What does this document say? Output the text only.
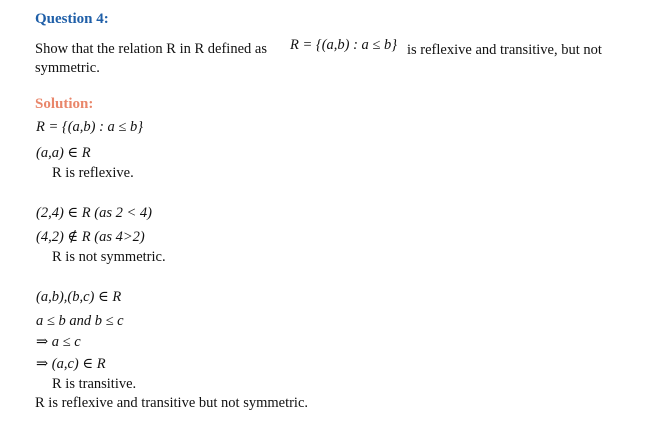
Question 4:
Show that the relation R in R defined as R = {(a,b) : a ≤ b} is reflexive and transitive, but not
symmetric.
Solution:
R = {(a,b) : a ≤ b}
(a,a) ∈ R
R is reflexive.
(2,4) ∈ R (as 2 < 4)
(4,2) ∉ R (as 4>2)
R is not symmetric.
(a,b),(b,c) ∈ R
a ≤ b and b ≤ c
⇒ a ≤ c
⇒ (a,c) ∈ R
R is transitive.
R is reflexive and transitive but not symmetric.
